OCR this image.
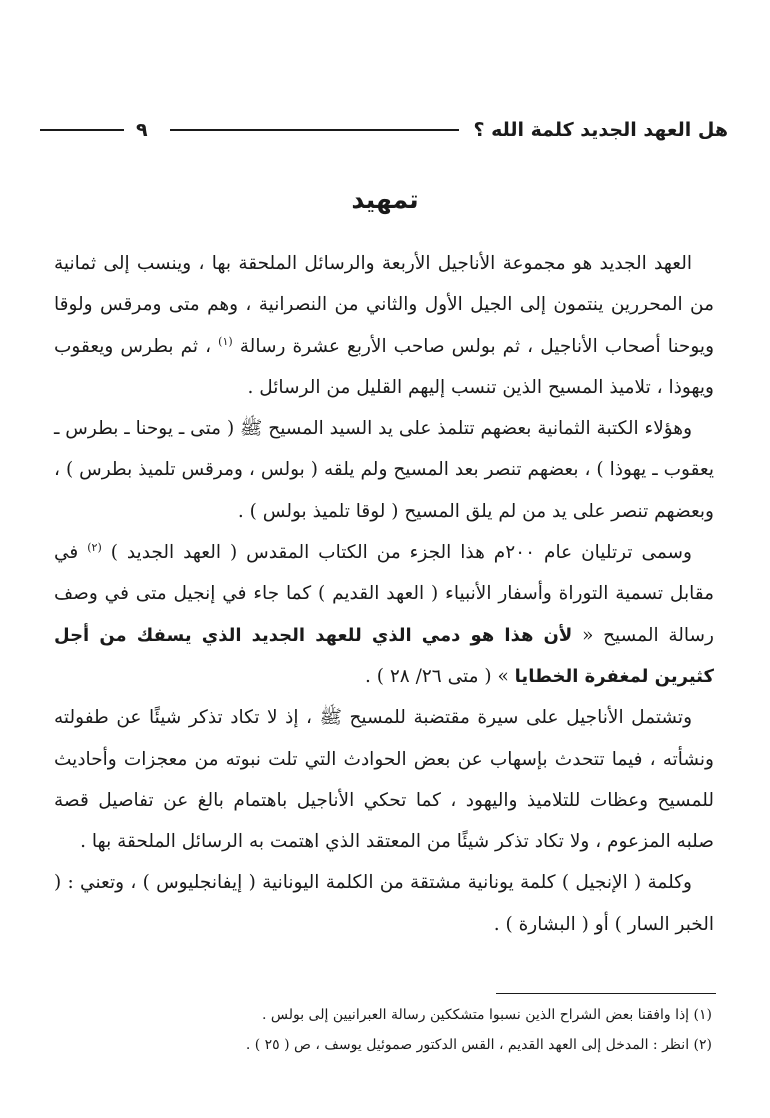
هل العهد الجديد كلمة الله ؟
٩
تمهيد

العهد الجديد هو مجموعة الأناجيل الأربعة والرسائل الملحقة بها ، وينسب إلى ثمانية من المحررين ينتمون إلى الجيل الأول والثاني من النصرانية ، وهم متى ومرقس ولوقا ويوحنا أصحاب الأناجيل ، ثم بولس صاحب الأربع عشرة رسالة $^{(١)}$ ، ثم بطرس ويعقوب ويهوذا ، تلاميذ المسيح الذين تنسب إليهم القليل من الرسائل .

وهؤلاء الكتبة الثمانية بعضهم تتلمذ على يد السيد المسيح ﷺ ( متى ـ يوحنا ـ بطرس ـ يعقوب ـ يهوذا ) ، بعضهم تنصر بعد المسيح ولم يلقه ( بولس ، ومرقس تلميذ بطرس ) ، وبعضهم تنصر على يد من لم يلق المسيح ( لوقا تلميذ بولس ) .

وسمى ترتليان عام ٢٠٠م هذا الجزء من الكتاب المقدس ( العهد الجديد ) $^{(٢)}$ في مقابل تسمية التوراة وأسفار الأنبياء ( العهد القديم ) كما جاء في إنجيل متى في وصف رسالة المسيح « لأن هذا هو دمي الذي للعهد الجديد الذي يسفك من أجل كثيرين لمغفرة الخطايا » ( متى ٢٦/ ٢٨ ) .

وتشتمل الأناجيل على سيرة مقتضبة للمسيح ﷺ ، إذ لا تكاد تذكر شيئًا عن طفولته ونشأته ، فيما تتحدث بإسهاب عن بعض الحوادث التي تلت نبوته من معجزات وأحاديث للمسيح وعظات للتلاميذ واليهود ، كما تحكي الأناجيل باهتمام بالغ عن تفاصيل قصة صلبه المزعوم ، ولا تكاد تذكر شيئًا من المعتقد الذي اهتمت به الرسائل الملحقة بها .

وكلمة ( الإنجيل ) كلمة يونانية مشتقة من الكلمة اليونانية ( إيفانجليوس ) ، وتعني : ( الخبر السار ) أو ( البشارة ) .

(١) إذا وافقنا بعض الشراح الذين نسبوا متشككين رسالة العبرانيين إلى بولس .
(٢) انظر : المدخل إلى العهد القديم ، القس الدكتور صموئيل يوسف ، ص ( ٢٥ ) .
